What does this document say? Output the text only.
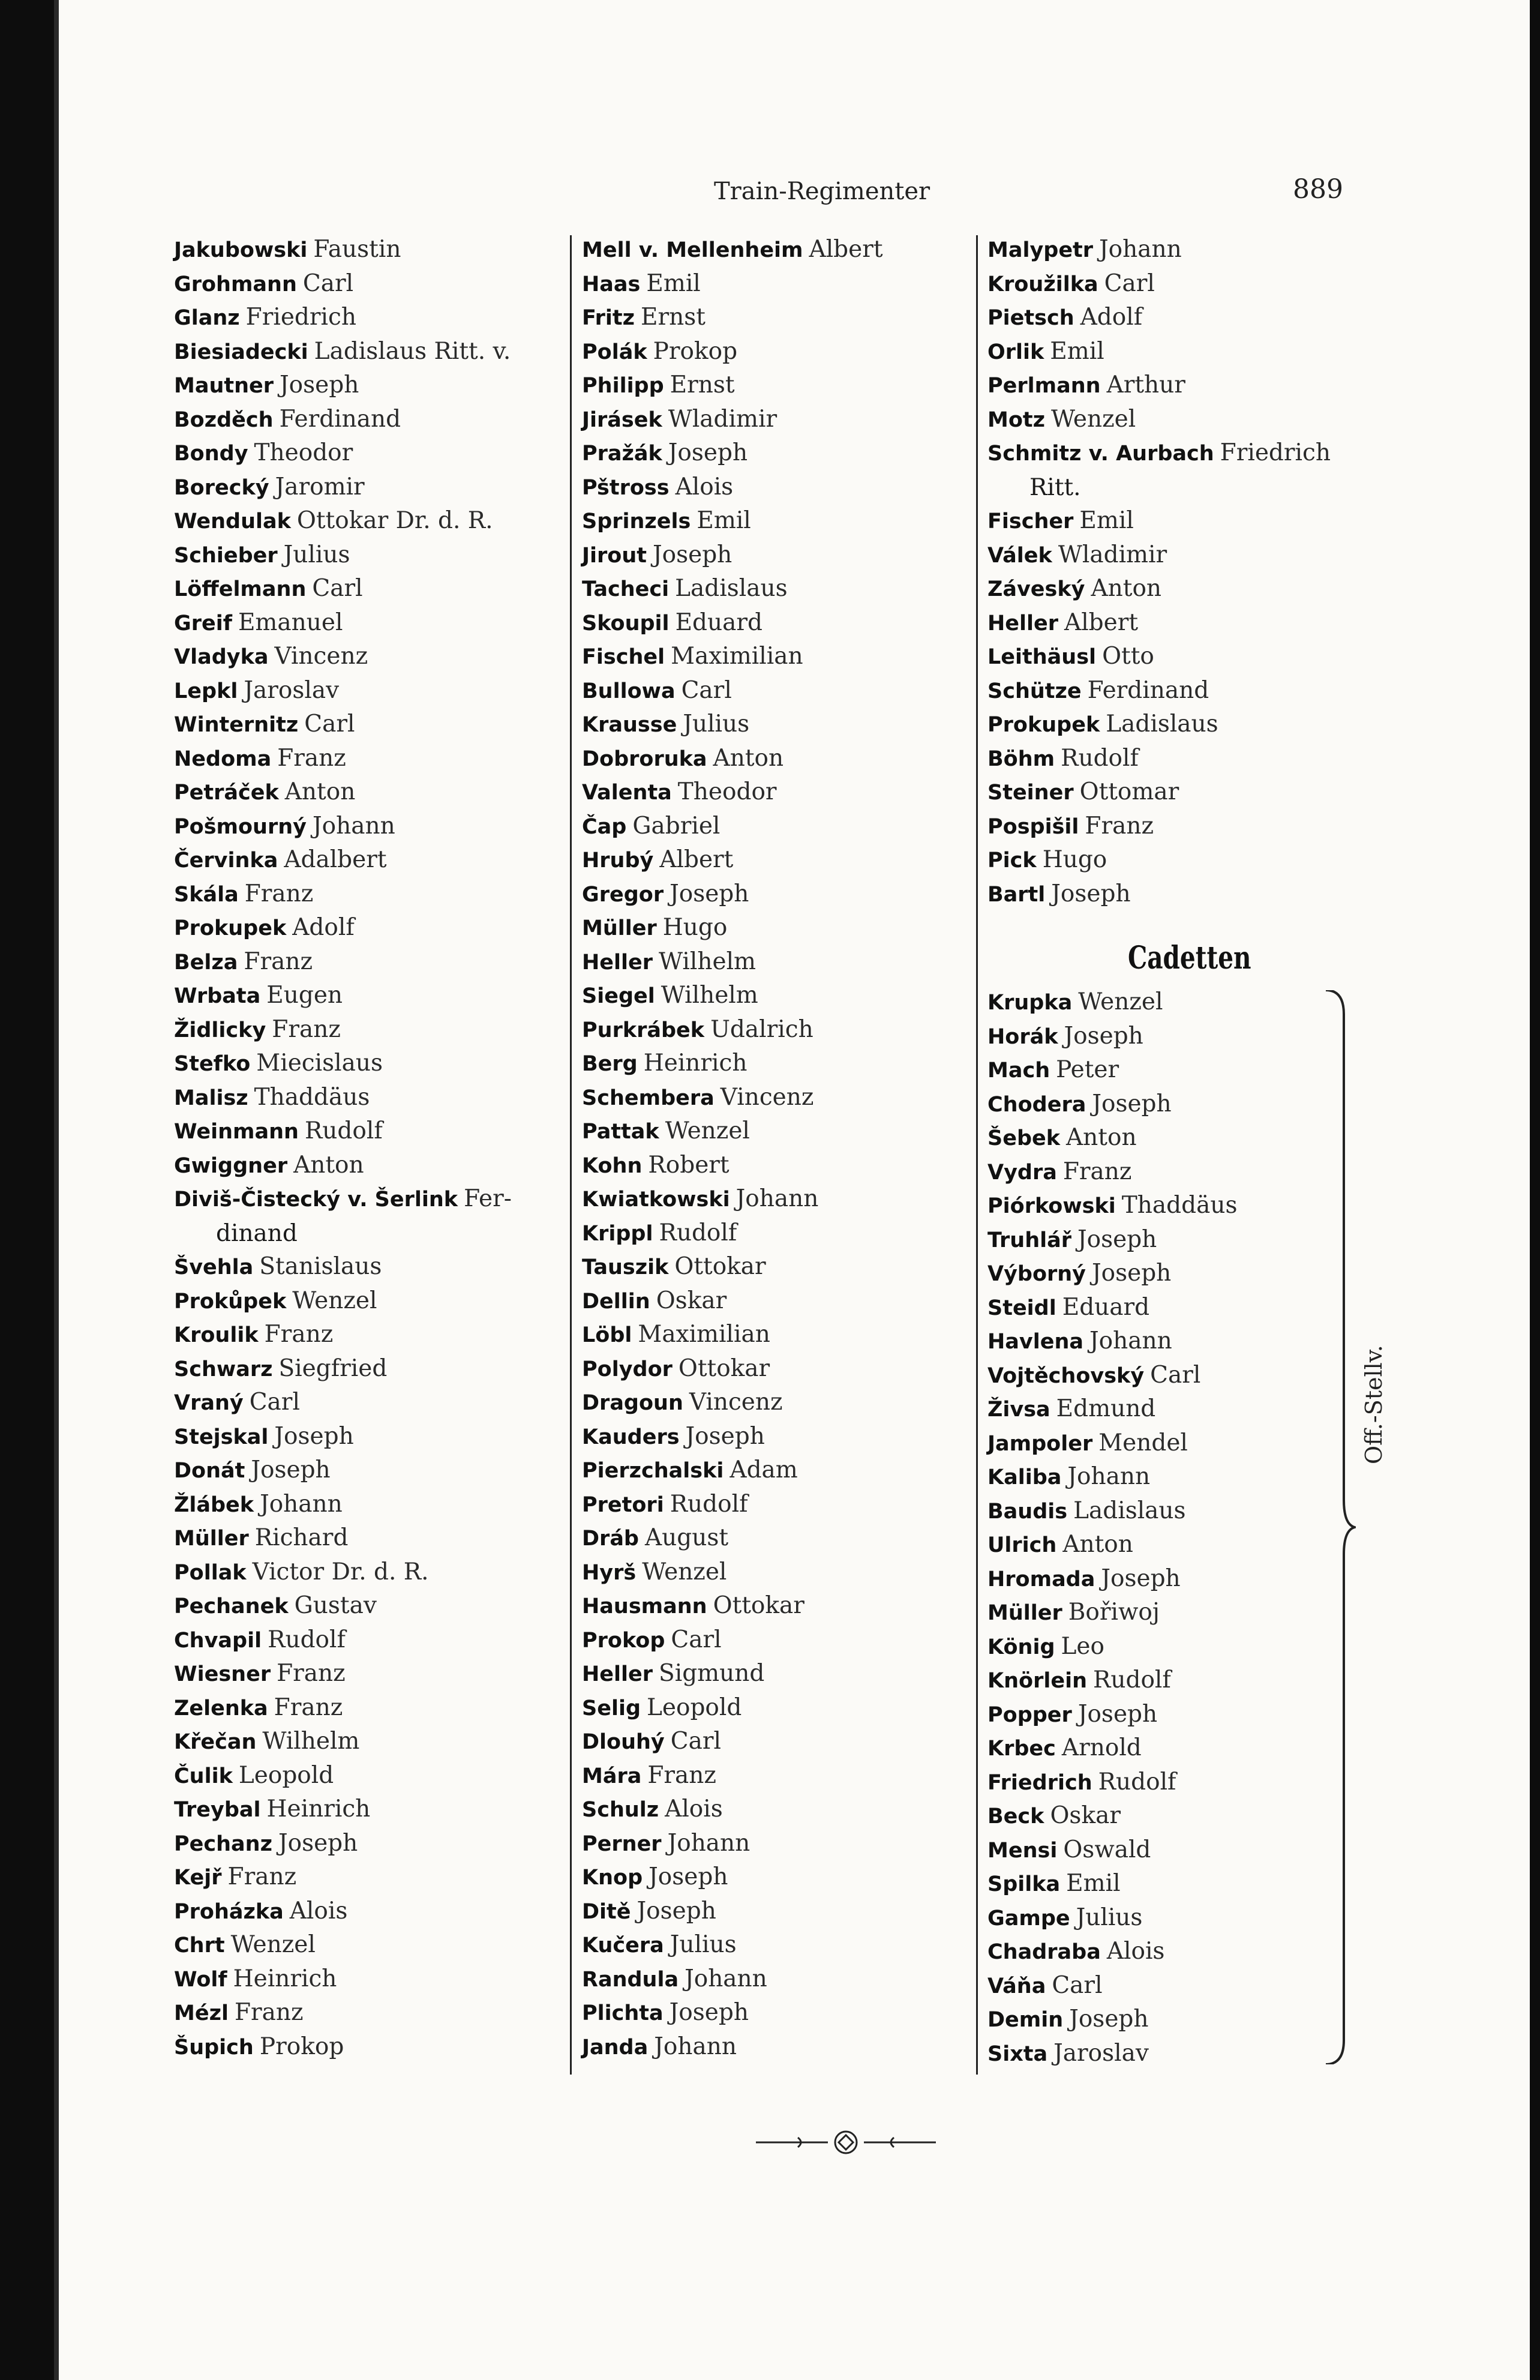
Train-Regimenter	889
Jakubowski Faustin
Grohmann Carl
Glanz Friedrich
Biesiadecki Ladislaus Ritt. v.
Mautner Joseph
Bozděch Ferdinand
Bondy Theodor
Borecký Jaromir
Wendulak Ottokar Dr. d. R.
Schieber Julius
Löffelmann Carl
Greif Emanuel
Vladyka Vincenz
Lepkl Jaroslav
Winternitz Carl
Nedoma Franz
Petráček Anton
Pošmourný Johann
Červinka Adalbert
Skála Franz
Prokupek Adolf
Belza Franz
Wrbata Eugen
Židlicky Franz
Stefko Miecislaus
Malisz Thaddäus
Weinmann Rudolf
Gwiggner Anton
Diviš-Čistecký v. Šerlink Fer-
dinand
Švehla Stanislaus
Prokůpek Wenzel
Kroulik Franz
Schwarz Siegfried
Vraný Carl
Stejskal Joseph
Donát Joseph
Žlábek Johann
Müller Richard
Pollak Victor Dr. d. R.
Pechanek Gustav
Chvapil Rudolf
Wiesner Franz
Zelenka Franz
Křečan Wilhelm
Čulik Leopold
Treybal Heinrich
Pechanz Joseph
Kejř Franz
Proházka Alois
Chrt Wenzel
Wolf Heinrich
Mézl Franz
Šupich Prokop
Mell v. Mellenheim Albert
Haas Emil
Fritz Ernst
Polák Prokop
Philipp Ernst
Jirásek Wladimir
Pražák Joseph
Pštross Alois
Sprinzels Emil
Jirout Joseph
Tacheci Ladislaus
Skoupil Eduard
Fischel Maximilian
Bullowa Carl
Krausse Julius
Dobroruka Anton
Valenta Theodor
Čap Gabriel
Hrubý Albert
Gregor Joseph
Müller Hugo
Heller Wilhelm
Siegel Wilhelm
Purkrábek Udalrich
Berg Heinrich
Schembera Vincenz
Pattak Wenzel
Kohn Robert
Kwiatkowski Johann
Krippl Rudolf
Tauszik Ottokar
Dellin Oskar
Löbl Maximilian
Polydor Ottokar
Dragoun Vincenz
Kauders Joseph
Pierzchalski Adam
Pretori Rudolf
Dráb August
Hyrš Wenzel
Hausmann Ottokar
Prokop Carl
Heller Sigmund
Selig Leopold
Dlouhý Carl
Mára Franz
Schulz Alois
Perner Johann
Knop Joseph
Ditě Joseph
Kučera Julius
Randula Johann
Plichta Joseph
Janda Johann
Malypetr Johann
Kroužilka Carl
Pietsch Adolf
Orlik Emil
Perlmann Arthur
Motz Wenzel
Schmitz v. Aurbach Friedrich
Ritt.
Fischer Emil
Válek Wladimir
Záveský Anton
Heller Albert
Leithäusl Otto
Schütze Ferdinand
Prokupek Ladislaus
Böhm Rudolf
Steiner Ottomar
Pospišil Franz
Pick Hugo
Bartl Joseph
Cadetten
Krupka Wenzel
Horák Joseph
Mach Peter
Chodera Joseph
Šebek Anton
Vydra Franz
Piórkowski Thaddäus
Truhlář Joseph
Výborný Joseph
Steidl Eduard
Havlena Johann
Vojtěchovský Carl
Živsa Edmund
Jampoler Mendel
Kaliba Johann
Baudis Ladislaus
Ulrich Anton
Hromada Joseph
Müller Bořiwoj
König Leo
Knörlein Rudolf
Popper Joseph
Krbec Arnold
Friedrich Rudolf
Beck Oskar
Mensi Oswald
Spilka Emil
Gampe Julius
Chadraba Alois
Váňa Carl
Demin Joseph
Sixta Jaroslav
Off.-Stellv.
